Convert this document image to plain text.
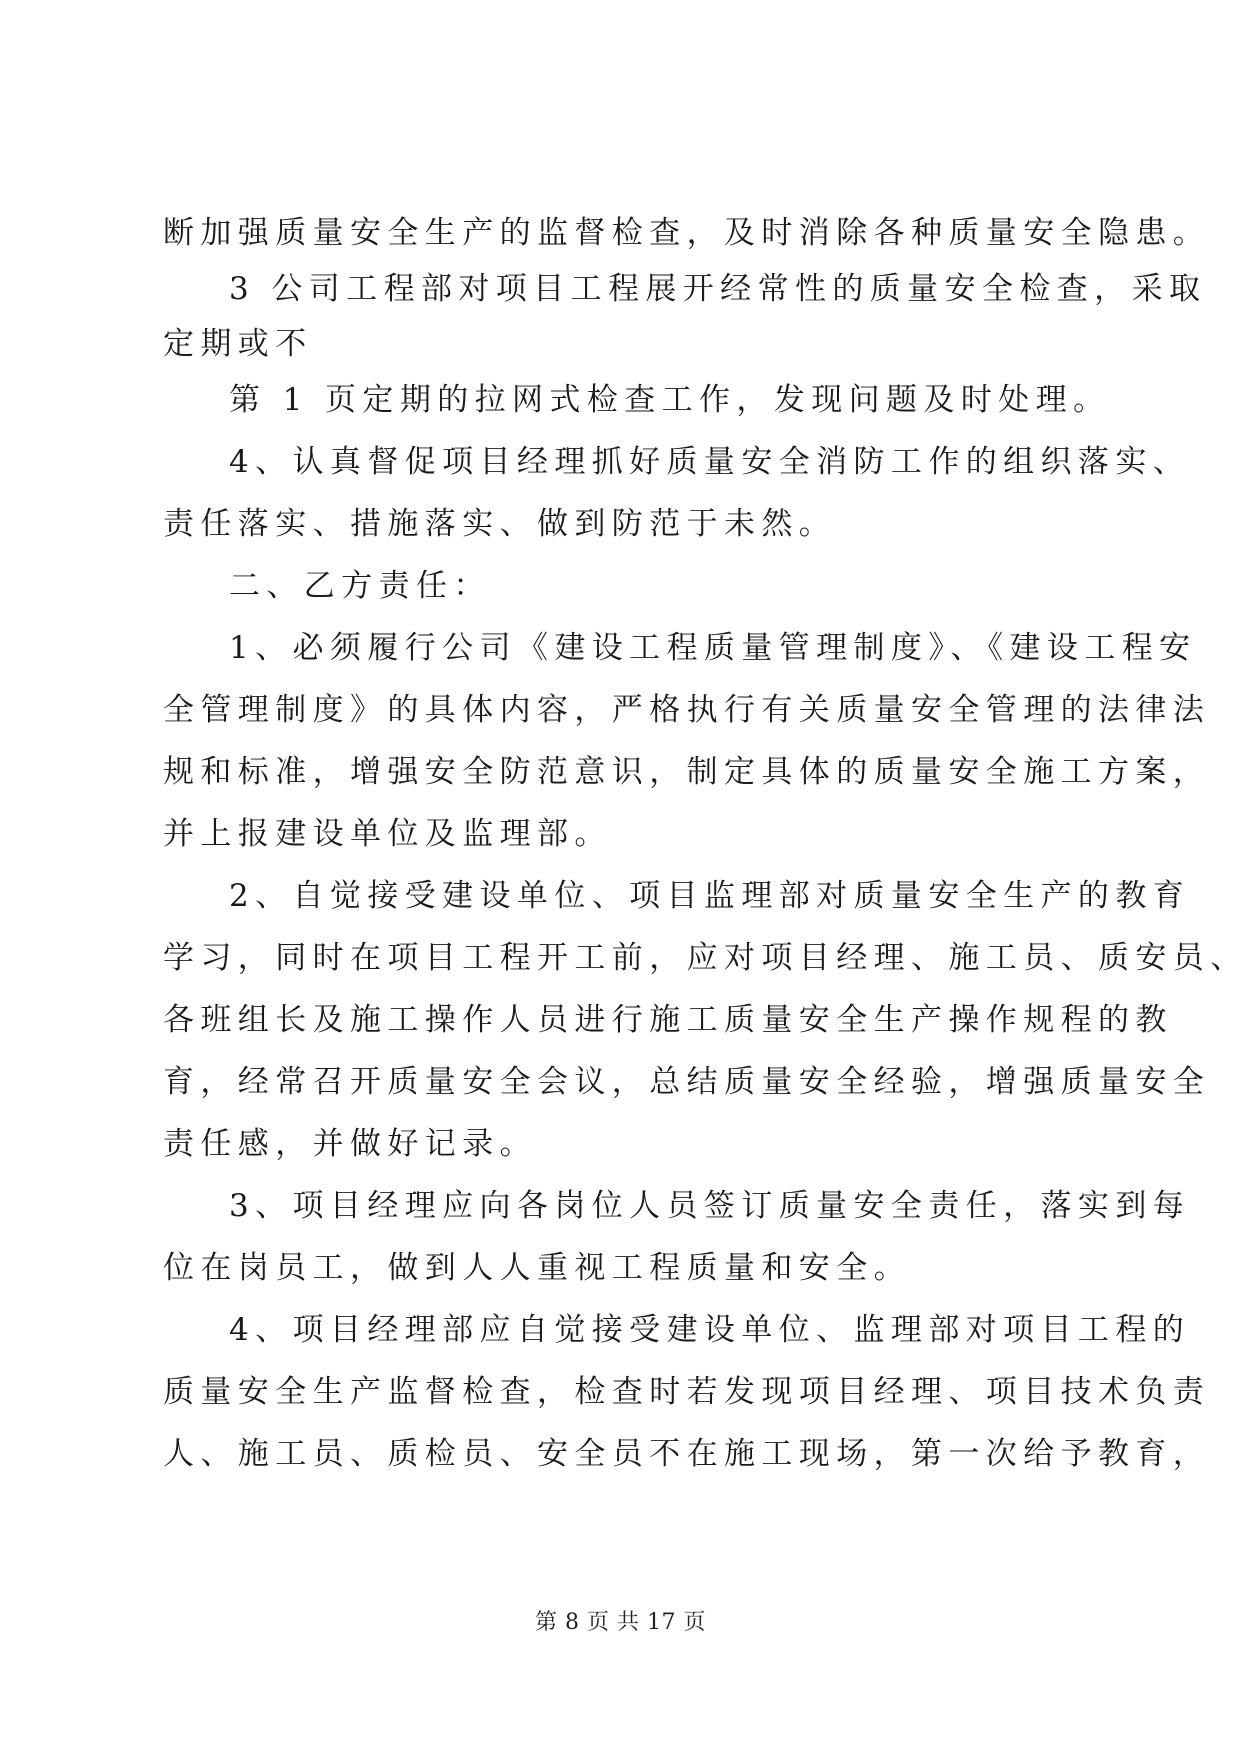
断加强质量安全生产的监督检查，及时消除各种质量安全隐患。
3 公司工程部对项目工程展开经常性的质量安全检查，采取
定期或不
第 1 页定期的拉网式检查工作，发现问题及时处理。
4、认真督促项目经理抓好质量安全消防工作的组织落实、
责任落实、措施落实、做到防范于未然。
二、乙方责任：
1、必须履行公司《建设工程质量管理制度》、《建设工程安
全管理制度》的具体内容，严格执行有关质量安全管理的法律法
规和标准，增强安全防范意识，制定具体的质量安全施工方案，
并上报建设单位及监理部。
2、自觉接受建设单位、项目监理部对质量安全生产的教育
学习，同时在项目工程开工前，应对项目经理、施工员、质安员、
各班组长及施工操作人员进行施工质量安全生产操作规程的教
育，经常召开质量安全会议，总结质量安全经验，增强质量安全
责任感，并做好记录。
3、项目经理应向各岗位人员签订质量安全责任，落实到每
位在岗员工，做到人人重视工程质量和安全。
4、项目经理部应自觉接受建设单位、监理部对项目工程的
质量安全生产监督检查，检查时若发现项目经理、项目技术负责
人、施工员、质检员、安全员不在施工现场，第一次给予教育，
第 8 页 共 17 页
